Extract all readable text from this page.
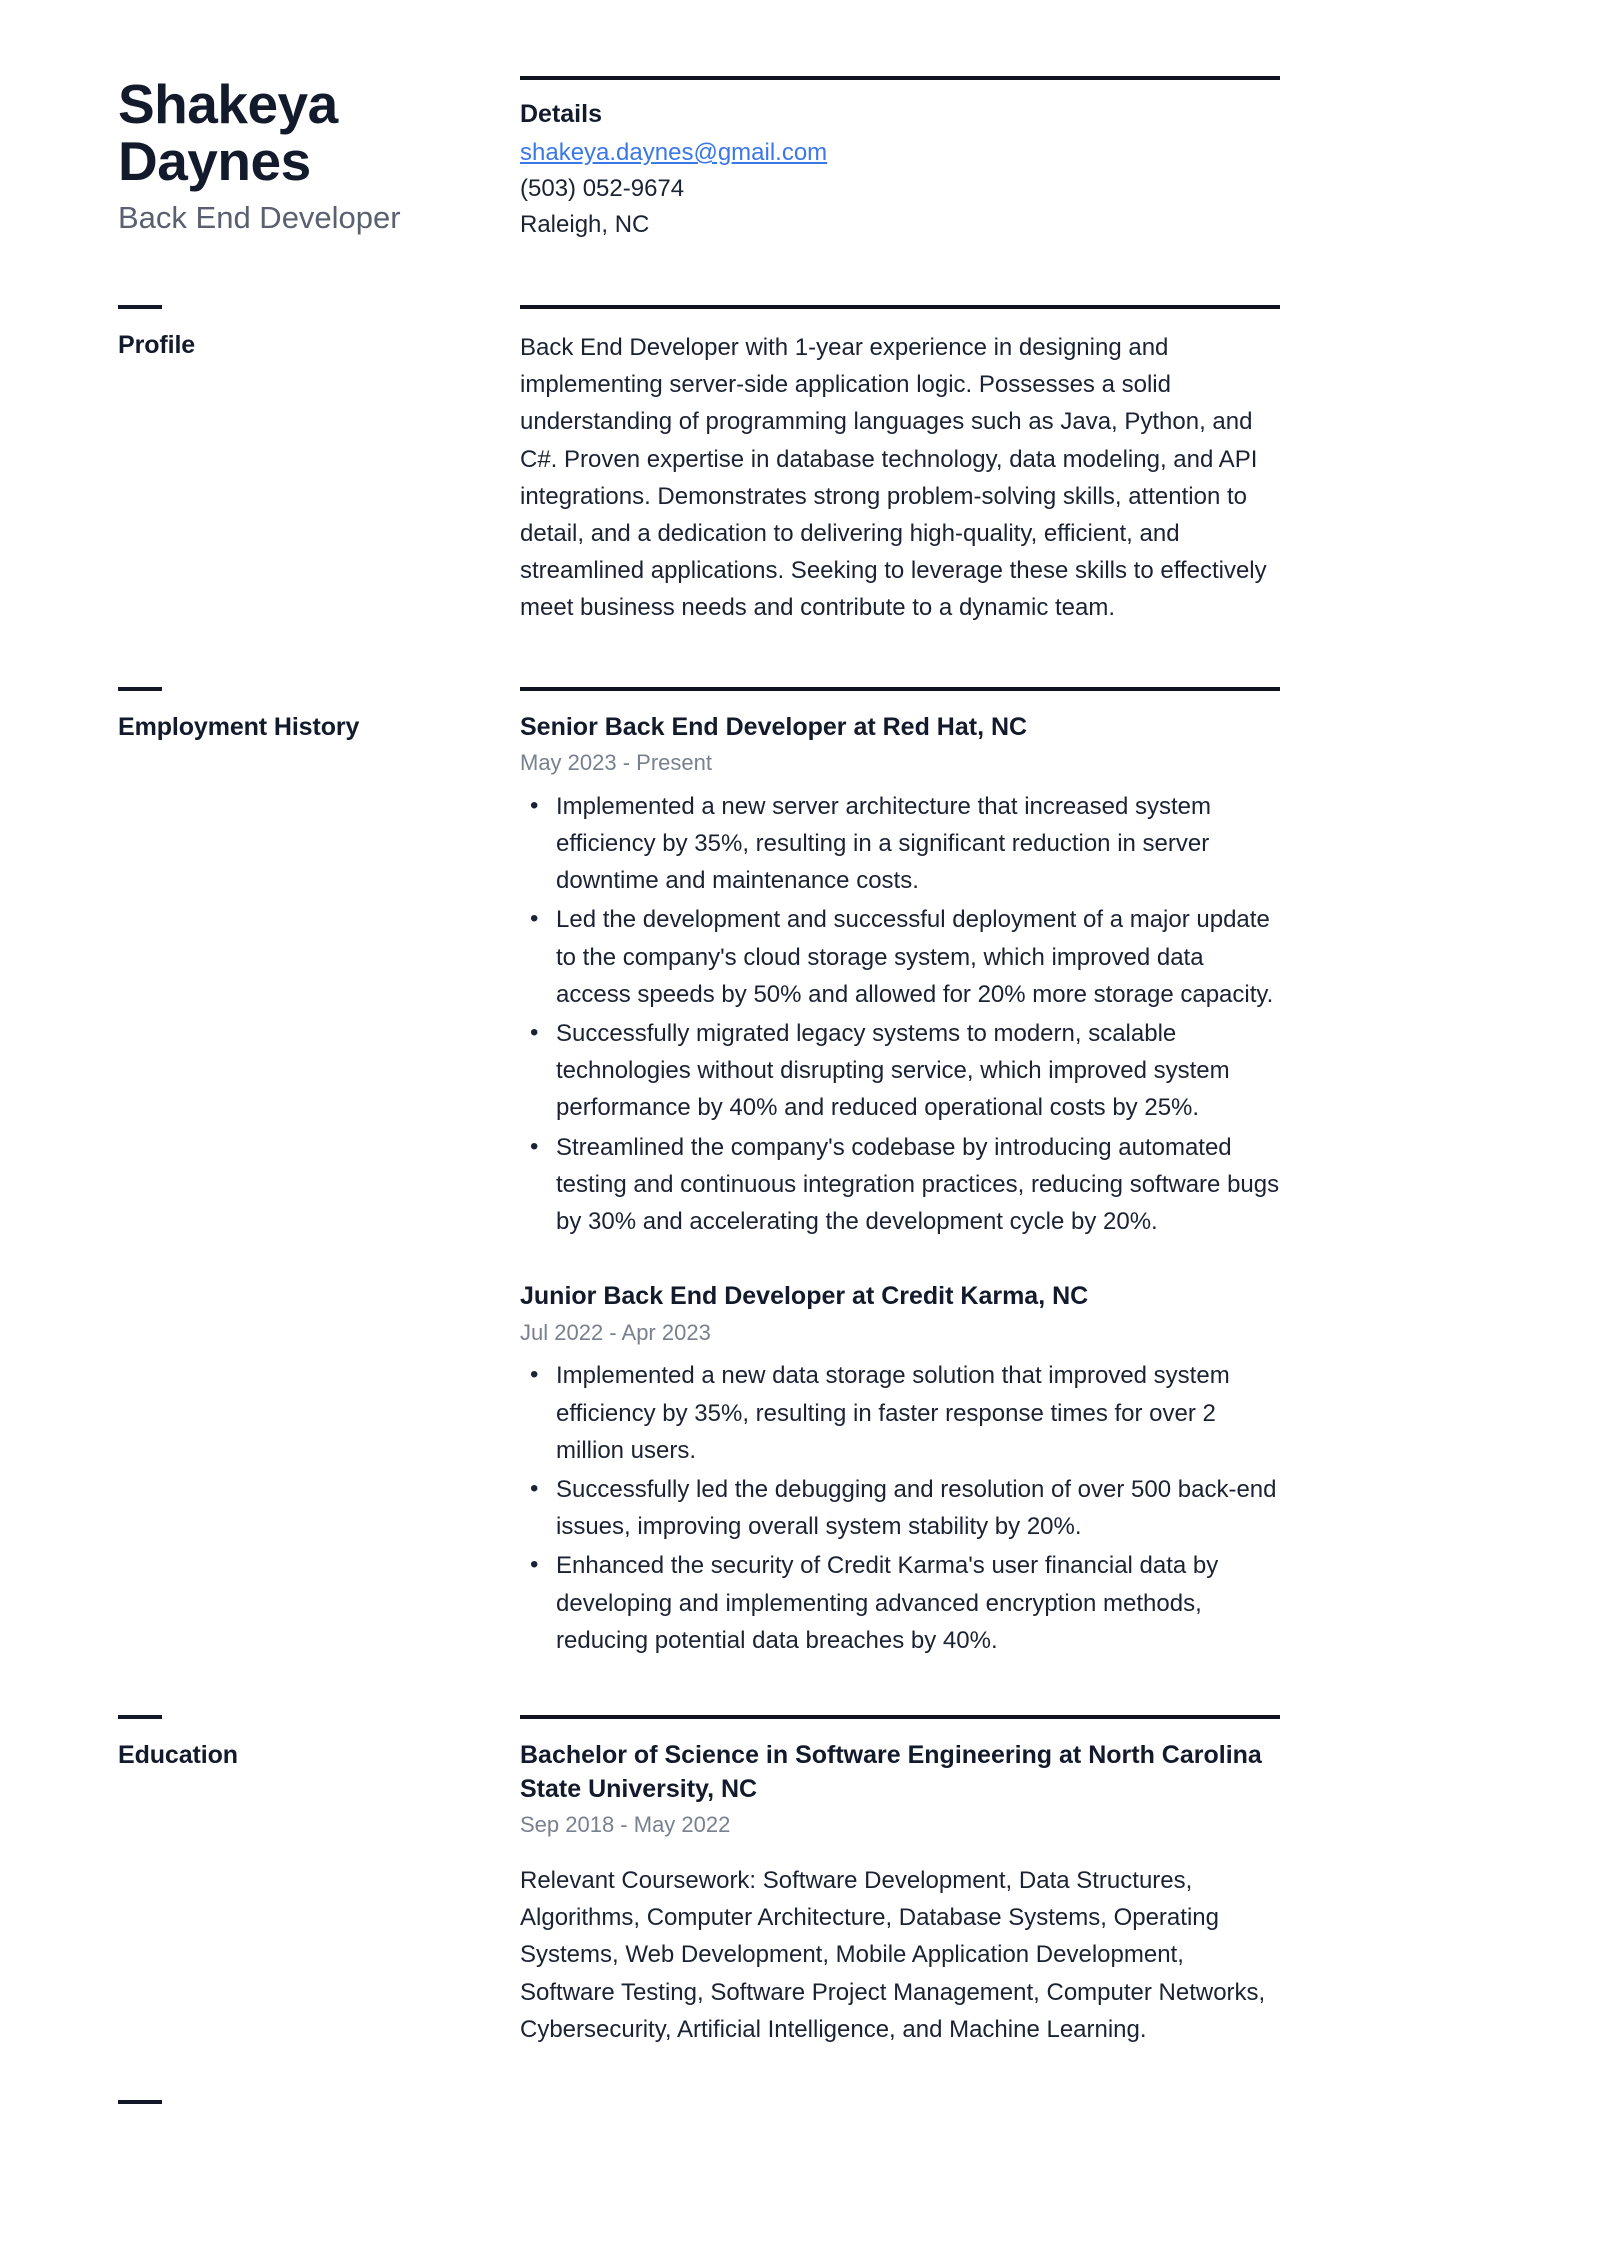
Shakeya
Daynes
Back End Developer
Details
shakeya.daynes@gmail.com
(503) 052-9674
Raleigh, NC
Profile	Back End Developer with 1-year experience in designing and implementing server-side application logic. Possesses a solid understanding of programming languages such as Java, Python, and C#. Proven expertise in database technology, data modeling, and API integrations. Demonstrates strong problem-solving skills, attention to detail, and a dedication to delivering high-quality, efficient, and streamlined applications. Seeking to leverage these skills to effectively meet business needs and contribute to a dynamic team.

Employment History	Senior Back End Developer at Red Hat, NC
May 2023 - Present
• Implemented a new server architecture that increased system efficiency by 35%, resulting in a significant reduction in server downtime and maintenance costs.
• Led the development and successful deployment of a major update to the company's cloud storage system, which improved data access speeds by 50% and allowed for 20% more storage capacity.
• Successfully migrated legacy systems to modern, scalable technologies without disrupting service, which improved system performance by 40% and reduced operational costs by 25%.
• Streamlined the company's codebase by introducing automated testing and continuous integration practices, reducing software bugs by 30% and accelerating the development cycle by 20%.
Junior Back End Developer at Credit Karma, NC
Jul 2022 - Apr 2023
• Implemented a new data storage solution that improved system efficiency by 35%, resulting in faster response times for over 2 million users.
• Successfully led the debugging and resolution of over 500 back-end issues, improving overall system stability by 20%.
• Enhanced the security of Credit Karma's user financial data by developing and implementing advanced encryption methods, reducing potential data breaches by 40%.
Education	Bachelor of Science in Software Engineering at North Carolina State University, NC
Sep 2018 - May 2022

Relevant Coursework: Software Development, Data Structures, Algorithms, Computer Architecture, Database Systems, Operating Systems, Web Development, Mobile Application Development, Software Testing, Software Project Management, Computer Networks, Cybersecurity, Artificial Intelligence, and Machine Learning.
